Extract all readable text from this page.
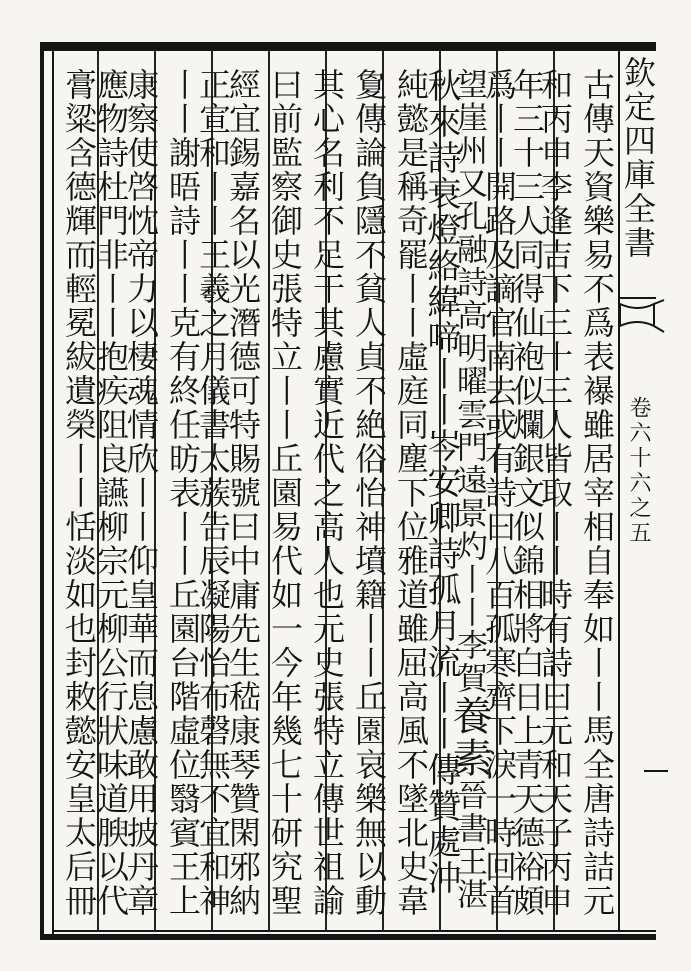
欽定四庫全書
卷六十六之五
古傳天資樂易不爲表襮雖居宰相自奉如丨丨馬全唐詩詰元
和丙申李逢吉下三十三人皆取丨丨時有詩曰元和天子丙申
年三十三人同得仙袍似爛銀文似錦相將白日上青天德裕頗
爲丨丨開路及謫官南去或有詩曰八百孤寒齊下淚一時回首
望崖州又孔融詩高明曜雲門遠景灼丨丨李賀養素晉書王湛
秋來詩衰燈絡緯啼丨丨岑安卿詩孤月流丨丨傳贊處沖
純懿是稱奇罷丨丨虛庭同塵下位雅道雖屈高風不墜北史韋
夐傳論負隱不貧人貞不絶俗怡神墳籍丨丨丘園哀樂無以動
其心名利不足干其慮實近代之高人也元史張特立傳世祖諭
曰前監察御史張特立丨丨丘園易代如一今年幾七十研究聖
經宜錫嘉名以光潛德可特賜號曰中庸先生嵇康琴贊閑邪納
正宣和丨丨王羲之月儀書太蔟告辰凝陽怡布磬無不宜和神
丨丨謝晤詩丨丨克有終任昉表丨丨丘園台階虛位翳賓王上
康察使啓忱帝力以棲魂情欣丨丨仰皇華而息慮敢用披丹章
應物詩杜門非丨丨抱疾阻良讌柳宗元柳公行狀味道腴以代
膏粱含德輝而輕冕紱遺榮丨丨恬淡如也封敕懿安皇太后冊
